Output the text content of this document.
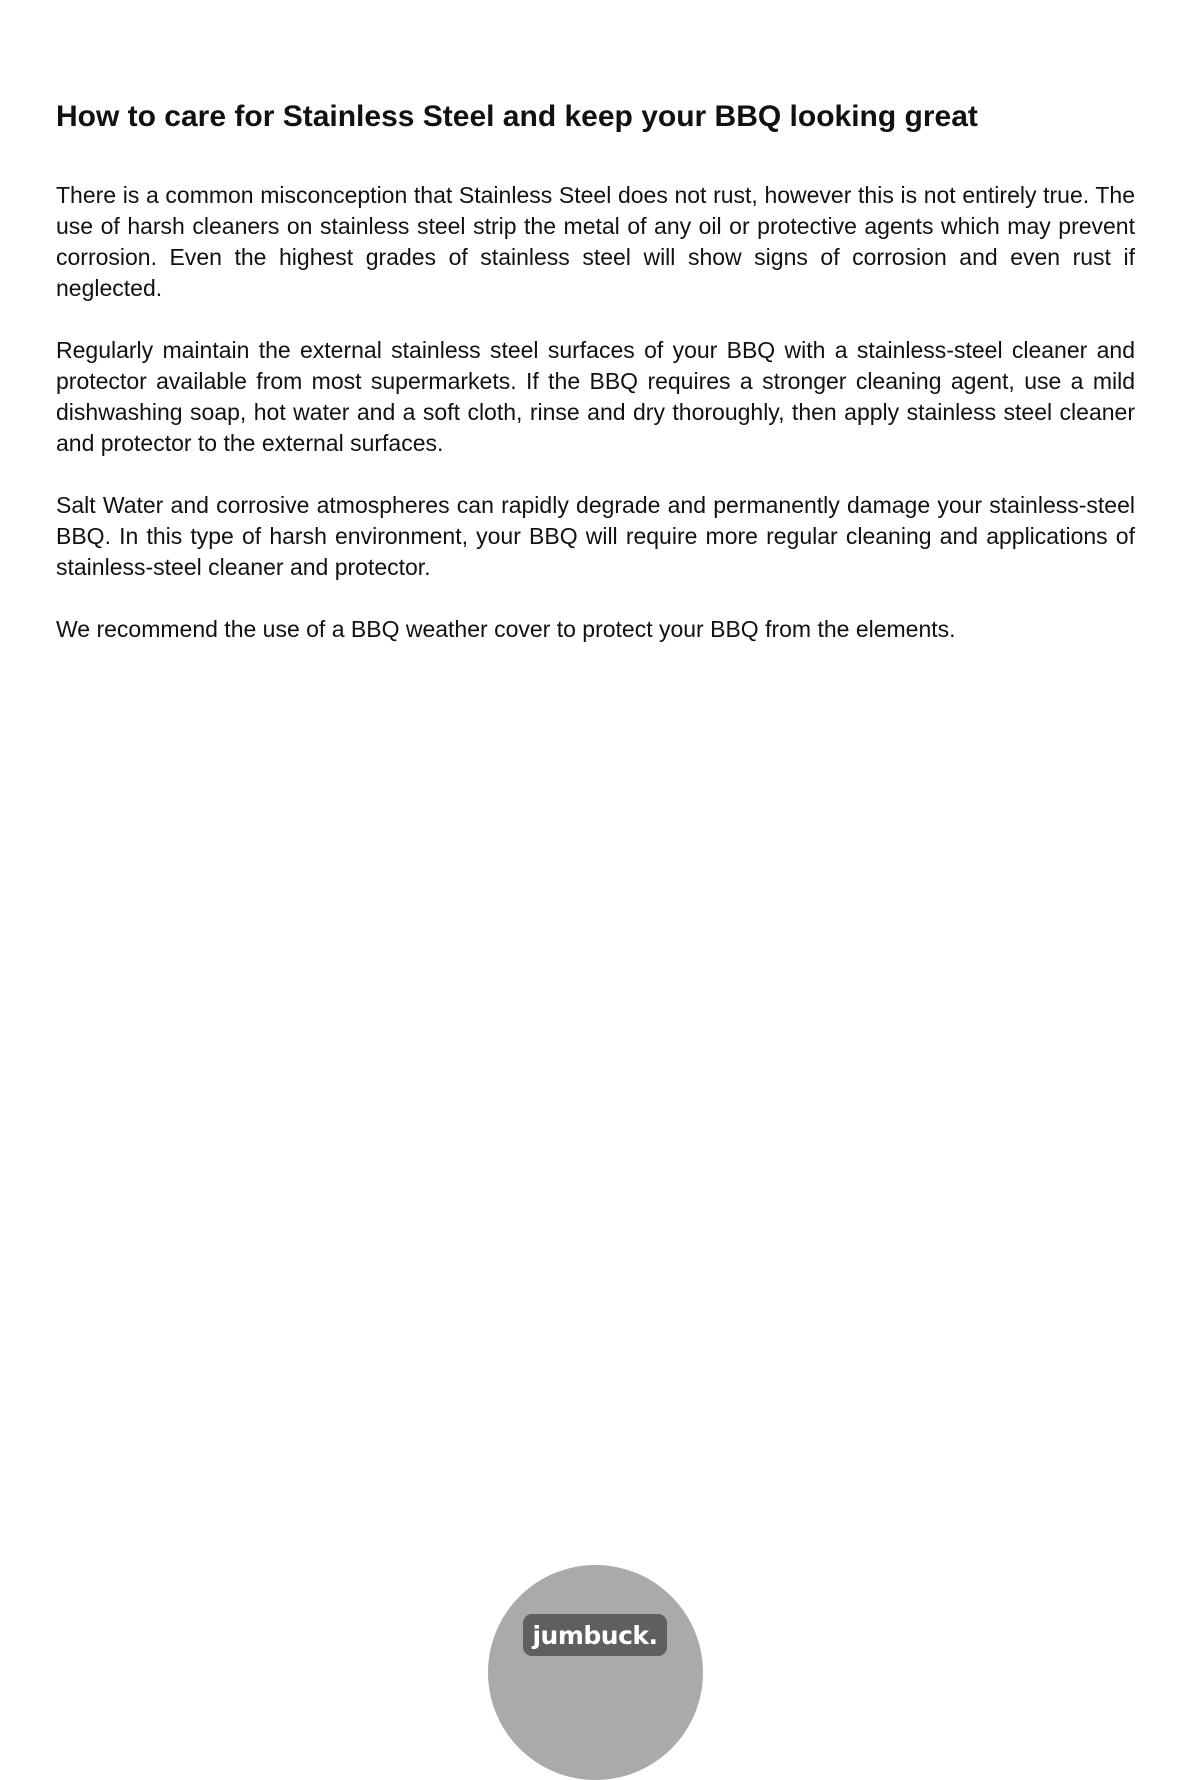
How to care for Stainless Steel and keep your BBQ looking great

There is a common misconception that Stainless Steel does not rust, however this is not entirely true. The use of harsh cleaners on stainless steel strip the metal of any oil or protective agents which may prevent corrosion. Even the highest grades of stainless steel will show signs of corrosion and even rust if neglected.

Regularly maintain the external stainless steel surfaces of your BBQ with a stainless-steel cleaner and protector available from most supermarkets. If the BBQ requires a stronger cleaning agent, use a mild dishwashing soap, hot water and a soft cloth, rinse and dry thoroughly, then apply stainless steel cleaner and protector to the external surfaces.

Salt Water and corrosive atmospheres can rapidly degrade and permanently damage your stainless-steel BBQ. In this type of harsh environment, your BBQ will require more regular cleaning and applications of stainless-steel cleaner and protector.

We recommend the use of a BBQ weather cover to protect your BBQ from the elements.

jumbuck.
